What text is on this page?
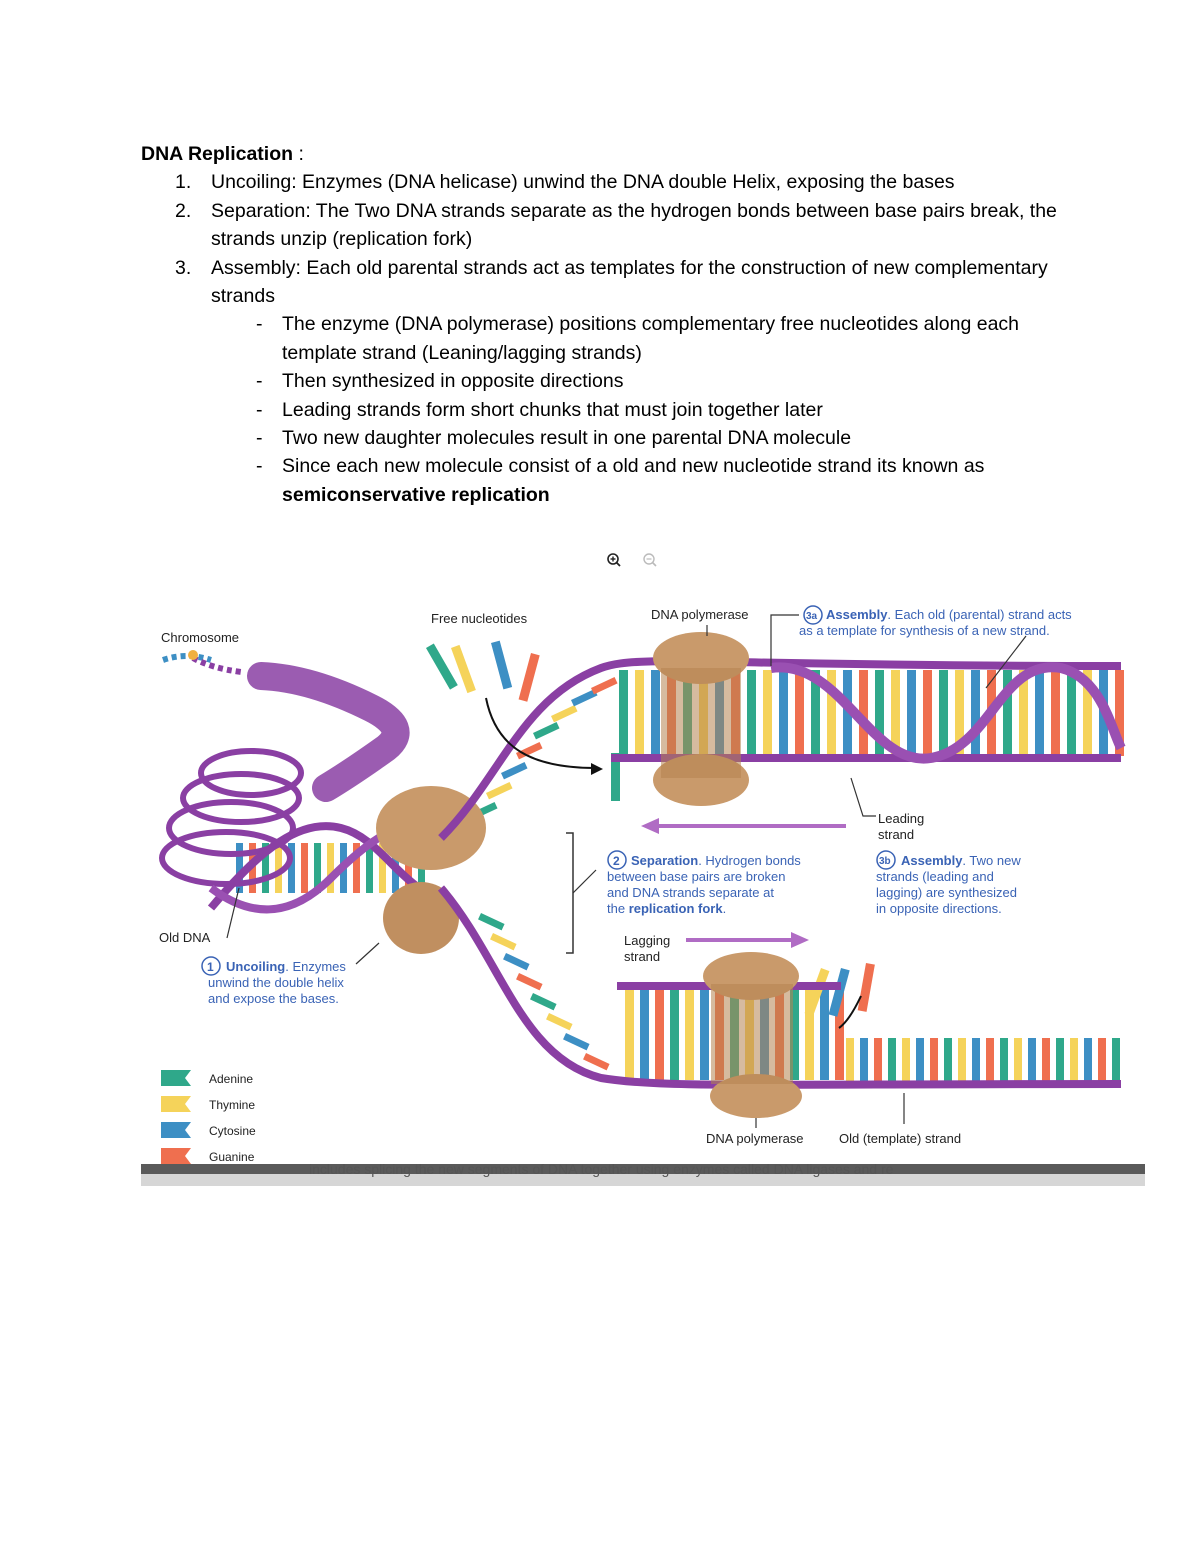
DNA Replication :
1. Uncoiling: Enzymes (DNA helicase) unwind the DNA double Helix, exposing the bases
2. Separation: The Two DNA strands separate as the hydrogen bonds between base pairs break, the strands unzip (replication fork)
3. Assembly: Each old parental strands act as templates for the construction of new complementary strands
- The enzyme (DNA polymerase) positions complementary free nucleotides along each template strand (Leaning/lagging strands)
- Then synthesized in opposite directions
- Leading strands form short chunks that must join together later
- Two new daughter molecules result in one parental DNA molecule
- Since each new molecule consist of a old and new nucleotide strand its known as semiconservative replication
Chromosome
Free nucleotides	DNA polymerase
Old DNA
Leading
strand
Lagging
strand
DNA polymerase	Old (template) strand
3a Assembly. Each old (parental) strand acts
as a template for synthesis of a new strand.
2 Separation. Hydrogen bonds
between base pairs are broken
and DNA strands separate at
the replication fork.
3b Assembly. Two new
strands (leading and
lagging) are synthesized
in opposite directions.
1 Uncoiling. Enzymes
unwind the double helix
and expose the bases.
Adenine
Thymine
Cytosine
Guanine
includes splicing the new segments of DNA together using enzymes called DNA ligases and re
